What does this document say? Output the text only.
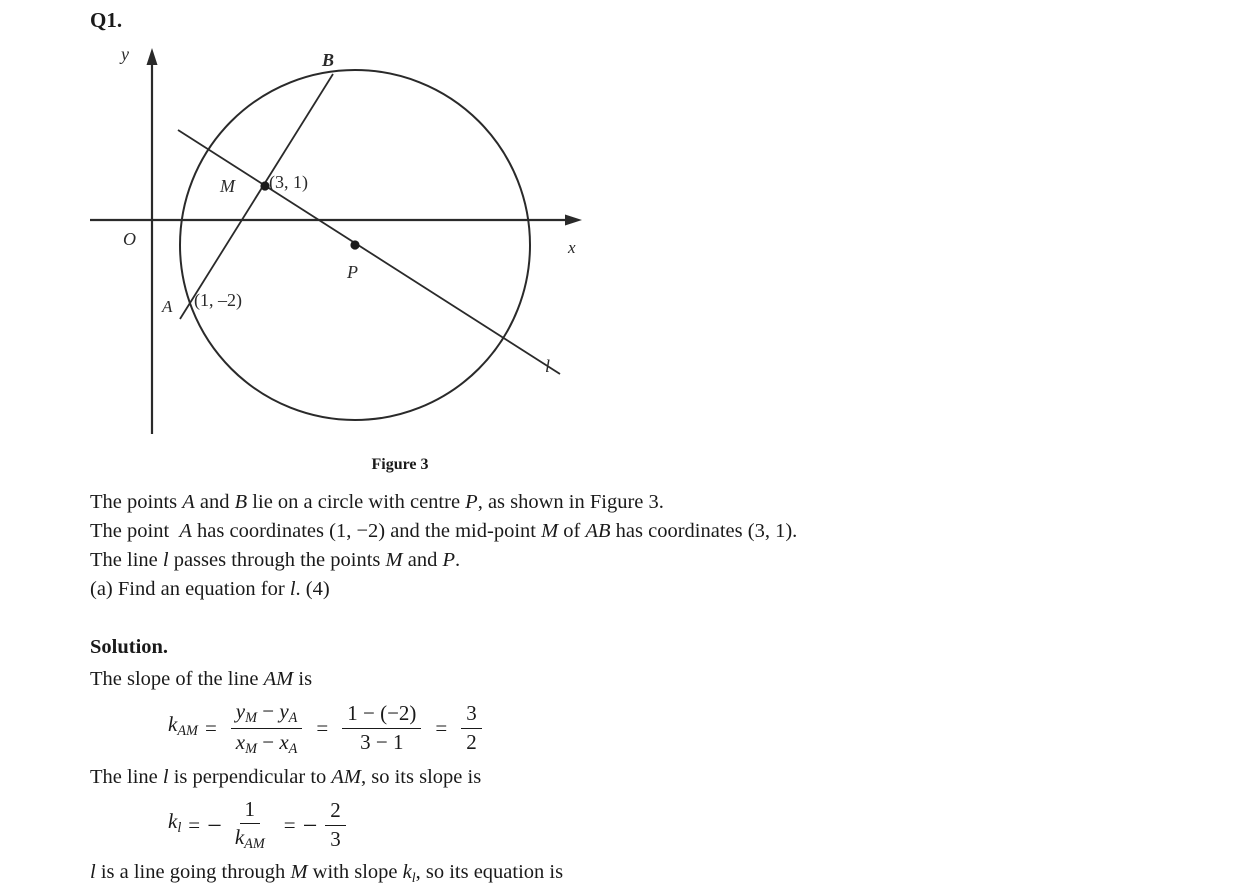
Q1.
B
M (3, 1)
A (1, –2)
P
l
y
x
O
Figure 3
The points A and B lie on a circle with centre P, as shown in Figure 3.
The point  A has coordinates (1, −2) and the mid-point M of AB has coordinates (3, 1).
The line l passes through the points M and P.
(a) Find an equation for l. (4)
Solution.
The slope of the line AM is
$k_{AM} = \frac{y_M - y_A}{x_M - x_A} = \frac{1 - (-2)}{3 - 1} = \frac{3}{2}$
The line l is perpendicular to AM, so its slope is
$k_l$ = − $\frac{1}{k_{AM}}$ = − $\frac{2}{3}$
l is a line going through M with slope $k_l$, so its equation is
